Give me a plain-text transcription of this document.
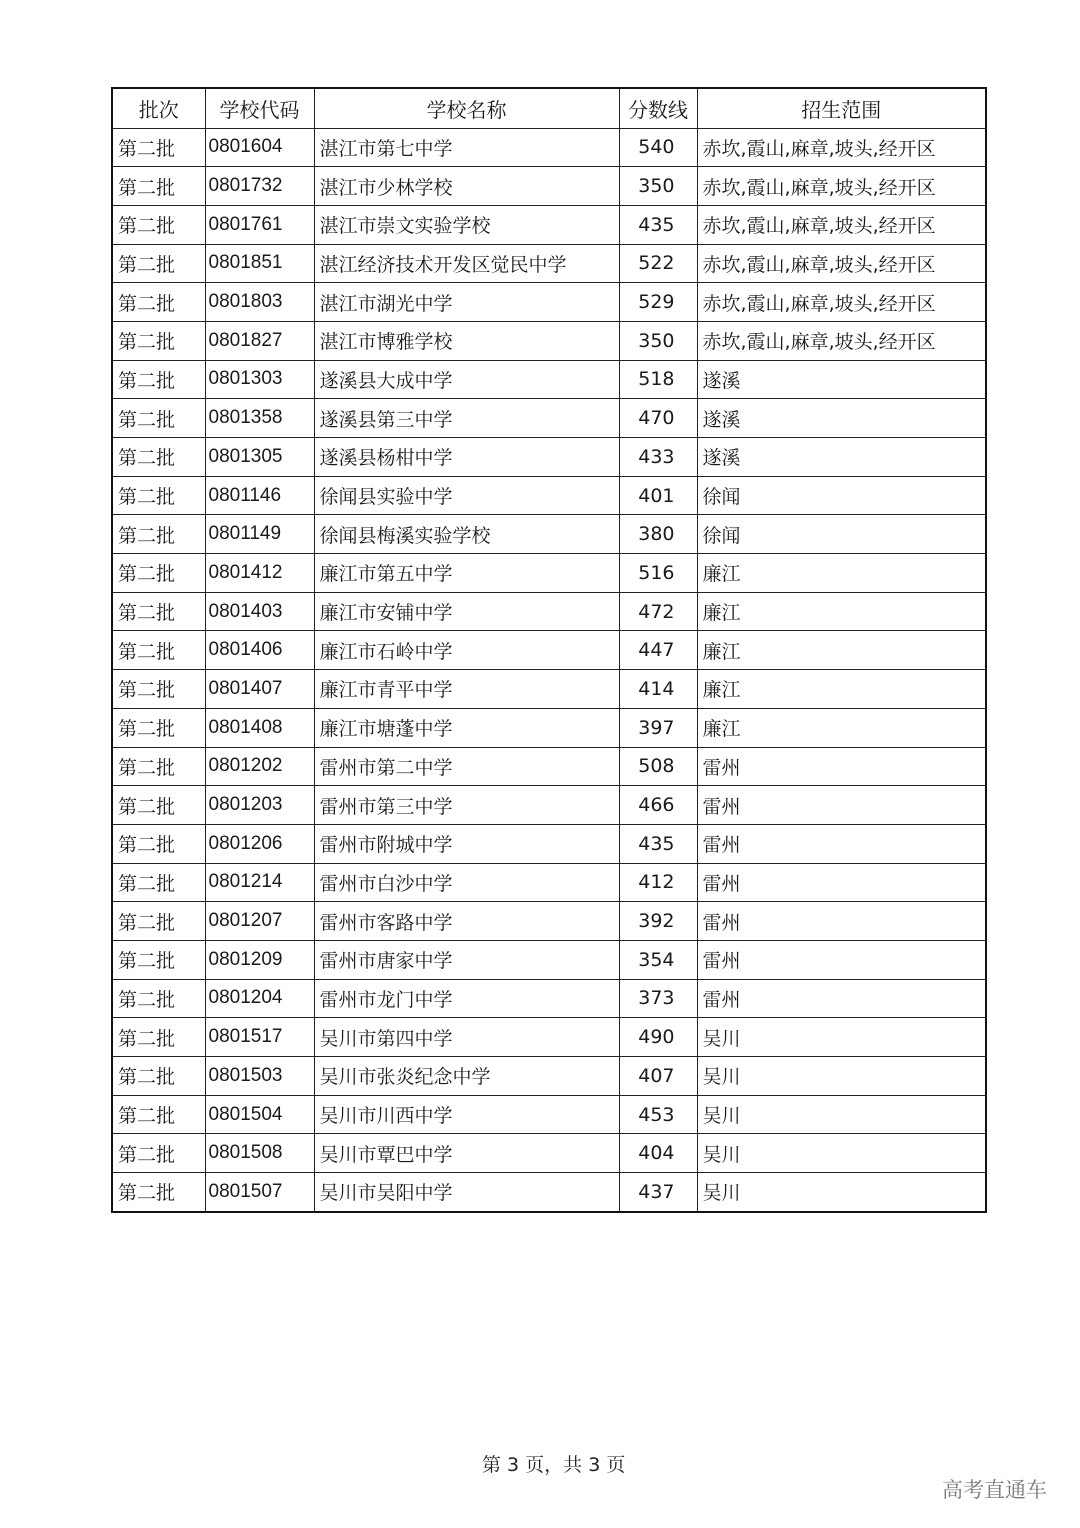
批次	学校代码	学校名称	分数线	招生范围
第二批	0801604	湛江市第七中学	540	赤坎,霞山,麻章,坡头,经开区
第二批	0801732	湛江市少林学校	350	赤坎,霞山,麻章,坡头,经开区
第二批	0801761	湛江市崇文实验学校	435	赤坎,霞山,麻章,坡头,经开区
第二批	0801851	湛江经济技术开发区觉民中学	522	赤坎,霞山,麻章,坡头,经开区
第二批	0801803	湛江市湖光中学	529	赤坎,霞山,麻章,坡头,经开区
第二批	0801827	湛江市博雅学校	350	赤坎,霞山,麻章,坡头,经开区
第二批	0801303	遂溪县大成中学	518	遂溪
第二批	0801358	遂溪县第三中学	470	遂溪
第二批	0801305	遂溪县杨柑中学	433	遂溪
第二批	0801146	徐闻县实验中学	401	徐闻
第二批	0801149	徐闻县梅溪实验学校	380	徐闻
第二批	0801412	廉江市第五中学	516	廉江
第二批	0801403	廉江市安铺中学	472	廉江
第二批	0801406	廉江市石岭中学	447	廉江
第二批	0801407	廉江市青平中学	414	廉江
第二批	0801408	廉江市塘蓬中学	397	廉江
第二批	0801202	雷州市第二中学	508	雷州
第二批	0801203	雷州市第三中学	466	雷州
第二批	0801206	雷州市附城中学	435	雷州
第二批	0801214	雷州市白沙中学	412	雷州
第二批	0801207	雷州市客路中学	392	雷州
第二批	0801209	雷州市唐家中学	354	雷州
第二批	0801204	雷州市龙门中学	373	雷州
第二批	0801517	吴川市第四中学	490	吴川
第二批	0801503	吴川市张炎纪念中学	407	吴川
第二批	0801504	吴川市川西中学	453	吴川
第二批	0801508	吴川市覃巴中学	404	吴川
第二批	0801507	吴川市吴阳中学	437	吴川
第 3 页，共 3 页
高考直通车
